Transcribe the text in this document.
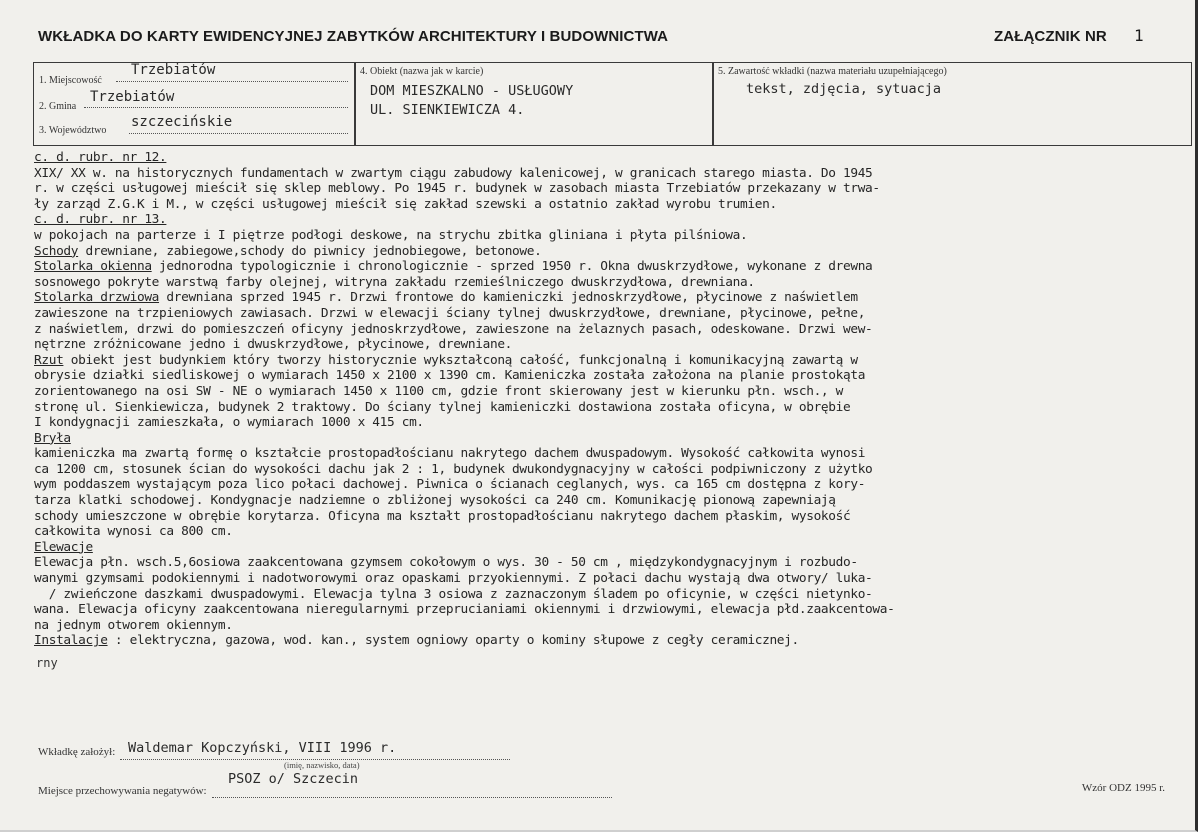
WKŁADKA DO KARTY EWIDENCYJNEJ ZABYTKÓW ARCHITEKTURY I BUDOWNICTWA	ZAŁĄCZNIK NR 1
1. Miejscowość
Trzebiatów
2. Gmina
Trzebiatów
3. Województwo
szczecińskie
4. Obiekt (nazwa jak w karcie)
DOM MIESZKALNO - USŁUGOWY
UL. SIENKIEWICZA 4.
5. Zawartość wkładki (nazwa materiału uzupełniającego)
tekst, zdjęcia, sytuacja
c. d. rubr. nr 12.
XIX/ XX w. na historycznych fundamentach w zwartym ciągu zabudowy kalenicowej, w granicach starego miasta. Do 1945
r. w części usługowej mieścił się sklep meblowy. Po 1945 r. budynek w zasobach miasta Trzebiatów przekazany w trwa-
ły zarząd Z.G.K i M., w części usługowej mieścił się zakład szewski a ostatnio zakład wyrobu trumien.
c. d. rubr. nr 13.
w pokojach na parterze i I piętrze podłogi deskowe, na strychu zbitka gliniana i płyta pilśniowa.
Schody drewniane, zabiegowe,schody do piwnicy jednobiegowe, betonowe.
Stolarka okienna jednorodna typologicznie i chronologicznie - sprzed 1950 r. Okna dwuskrzydłowe, wykonane z drewna
sosnowego pokryte warstwą farby olejnej, witryna zakładu rzemieślniczego dwuskrzydłowa, drewniana.
Stolarka drzwiowa drewniana sprzed 1945 r. Drzwi frontowe do kamieniczki jednoskrzydłowe, płycinowe z naświetlem
zawieszone na trzpieniowych zawiasach. Drzwi w elewacji ściany tylnej dwuskrzydłowe, drewniane, płycinowe, pełne,
z naświetlem, drzwi do pomieszczeń oficyny jednoskrzydłowe, zawieszone na żelaznych pasach, odeskowane. Drzwi wew-
nętrzne zróżnicowane jedno i dwuskrzydłowe, płycinowe, drewniane.
Rzut obiekt jest budynkiem który tworzy historycznie wykształconą całość, funkcjonalną i komunikacyjną zawartą w
obrysie działki siedliskowej o wymiarach 1450 x 2100 x 1390 cm. Kamieniczka została założona na planie prostokąta
zorientowanego na osi SW - NE o wymiarach 1450 x 1100 cm, gdzie front skierowany jest w kierunku płn. wsch., w
stronę ul. Sienkiewicza, budynek 2 traktowy. Do ściany tylnej kamieniczki dostawiona została oficyna, w obrębie
I kondygnacji zamieszkała, o wymiarach 1000 x 415 cm.
Bryła
kamieniczka ma zwartą formę o kształcie prostopadłościanu nakrytego dachem dwuspadowym. Wysokość całkowita wynosi
ca 1200 cm, stosunek ścian do wysokości dachu jak 2 : 1, budynek dwukondygnacyjny w całości podpiwniczony z użytko
wym poddaszem wystającym poza lico połaci dachowej. Piwnica o ścianach ceglanych, wys. ca 165 cm dostępna z kory-
tarza klatki schodowej. Kondygnacje nadziemne o zbliżonej wysokości ca 240 cm. Komunikację pionową zapewniają
schody umieszczone w obrębie korytarza. Oficyna ma kształt prostopadłościanu nakrytego dachem płaskim, wysokość
całkowita wynosi ca 800 cm.
Elewacje
Elewacja płn. wsch.5,6osiowa zaakcentowana gzymsem cokołowym o wys. 30 - 50 cm , międzykondygnacyjnym i rozbudo-
wanymi gzymsami podokiennymi i nadotworowymi oraz opaskami przyokiennymi. Z połaci dachu wystają dwa otwory/ luka-
/ zwieńczone daszkami dwuspadowymi. Elewacja tylna 3 osiowa z zaznaczonym śladem po oficynie, w części nietynko-
wana. Elewacja oficyny zaakcentowana nieregularnymi przeprucianiami okiennymi i drzwiowymi, elewacja płd.zaakcentowa-
na jednym otworem okiennym.
Instalacje : elektryczna, gazowa, wod. kan., system ogniowy oparty o kominy słupowe z cegły ceramicznej.
rny
Wkładkę założył: Waldemar Kopczyński, VIII 1996 r.
(imię, nazwisko, data)
Miejsce przechowywania negatywów:
PSOZ o/ Szczecin
Wzór ODZ 1995 r.
